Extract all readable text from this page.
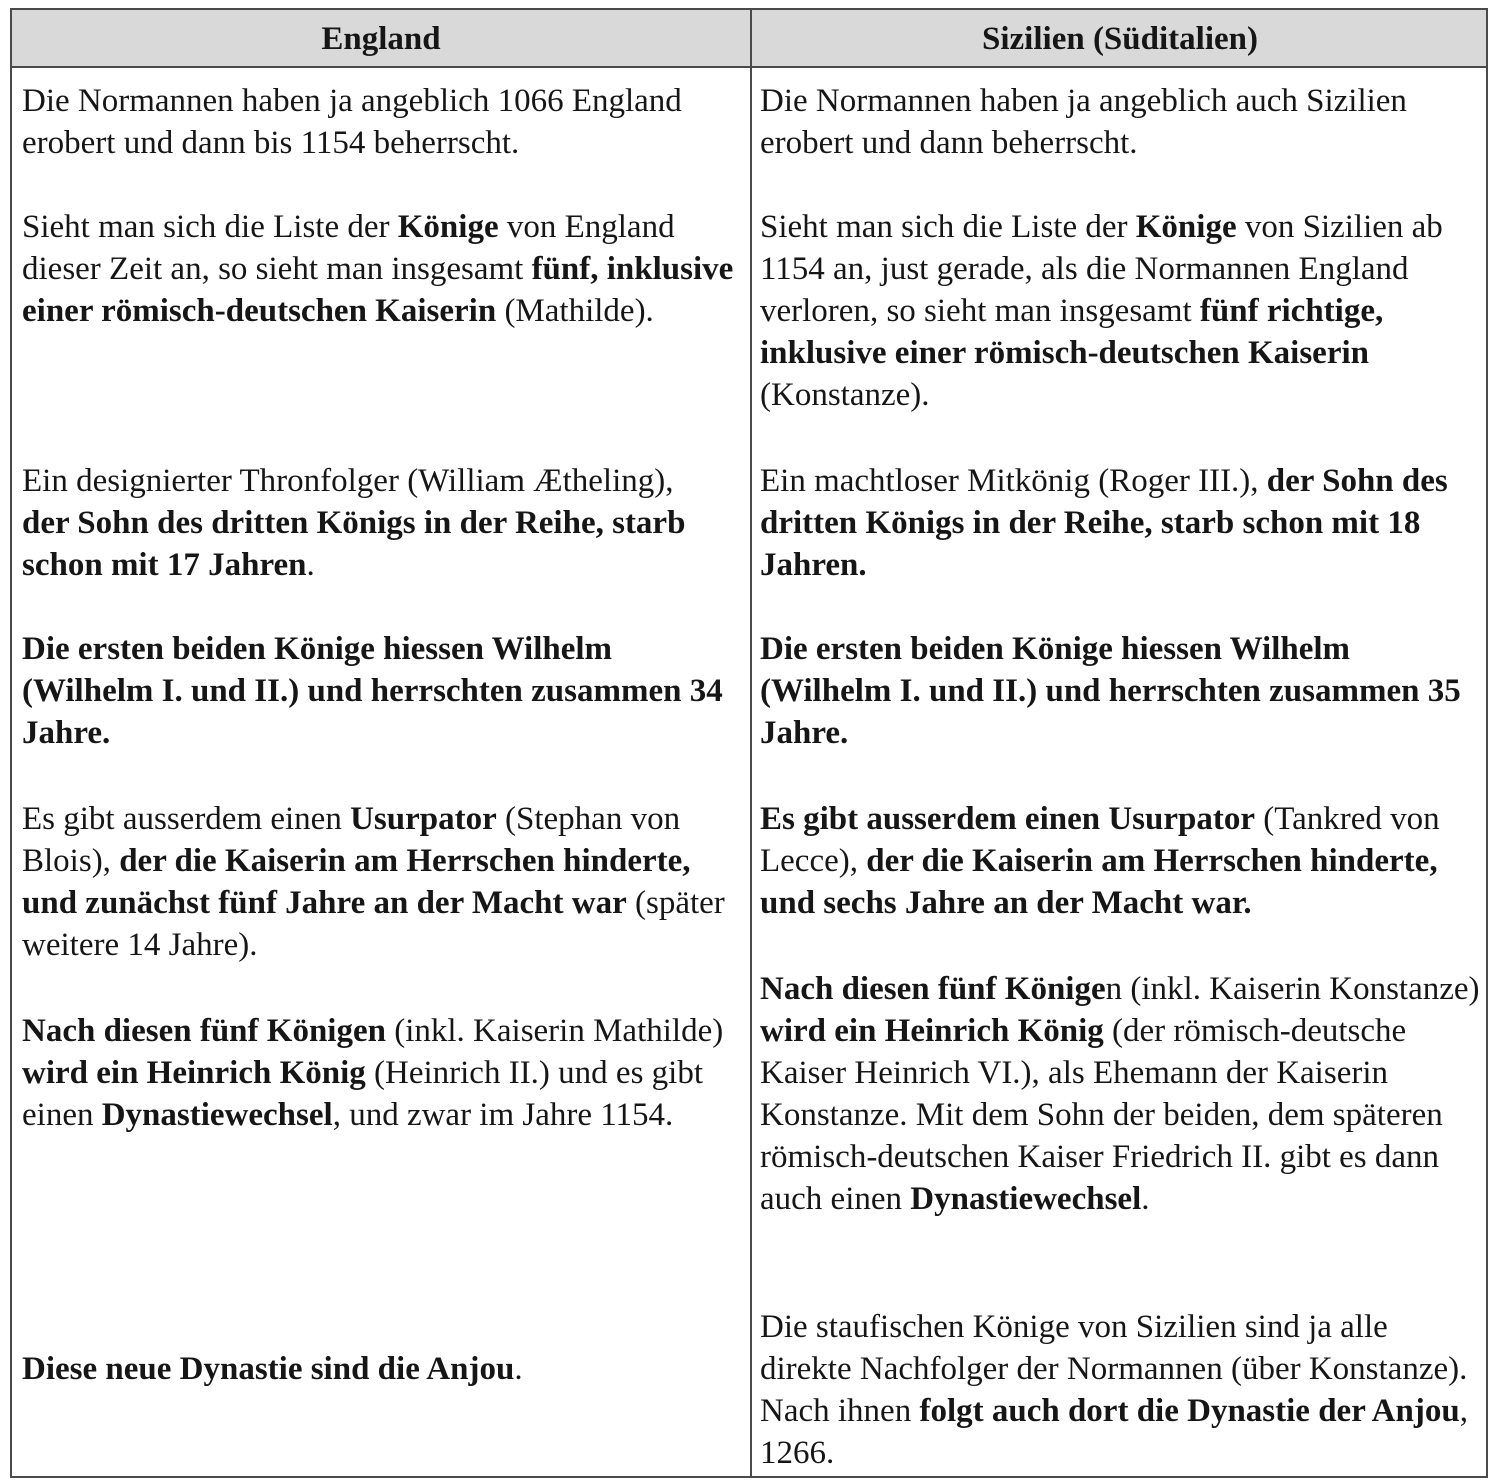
England	Sizilien (Süditalien)

Die Normannen haben ja angeblich 1066 England erobert und dann bis 1154 beherrscht.

Sieht man sich die Liste der Könige von England dieser Zeit an, so sieht man insgesamt fünf, inklusive einer römisch-deutschen Kaiserin (Mathilde).

Ein designierter Thronfolger (William Ætheling),
der Sohn des dritten Königs in der Reihe, starb schon mit 17 Jahren.

Die ersten beiden Könige hiessen Wilhelm (Wilhelm I. und II.) und herrschten zusammen 34 Jahre.

Es gibt ausserdem einen Usurpator (Stephan von Blois), der die Kaiserin am Herrschen hinderte, und zunächst fünf Jahre an der Macht war (später weitere 14 Jahre).

Nach diesen fünf Königen (inkl. Kaiserin Mathilde) wird ein Heinrich König (Heinrich II.) und es gibt einen Dynastiewechsel, und zwar im Jahre 1154.

Diese neue Dynastie sind die Anjou.

Die Normannen haben ja angeblich auch Sizilien erobert und dann beherrscht.

Sieht man sich die Liste der Könige von Sizilien ab 1154 an, just gerade, als die Normannen England verloren, so sieht man insgesamt fünf richtige, inklusive einer römisch-deutschen Kaiserin (Konstanze).

Ein machtloser Mitkönig (Roger III.), der Sohn des dritten Königs in der Reihe, starb schon mit 18 Jahren.

Die ersten beiden Könige hiessen Wilhelm (Wilhelm I. und II.) und herrschten zusammen 35 Jahre.

Es gibt ausserdem einen Usurpator (Tankred von Lecce), der die Kaiserin am Herrschen hinderte, und sechs Jahre an der Macht war.

Nach diesen fünf Königen (inkl. Kaiserin Konstanze) wird ein Heinrich König (der römisch-deutsche Kaiser Heinrich VI.), als Ehemann der Kaiserin Konstanze. Mit dem Sohn der beiden, dem späteren römisch-deutschen Kaiser Friedrich II. gibt es dann auch einen Dynastiewechsel.

Die staufischen Könige von Sizilien sind ja alle direkte Nachfolger der Normannen (über Konstanze). Nach ihnen folgt auch dort die Dynastie der Anjou, 1266.
